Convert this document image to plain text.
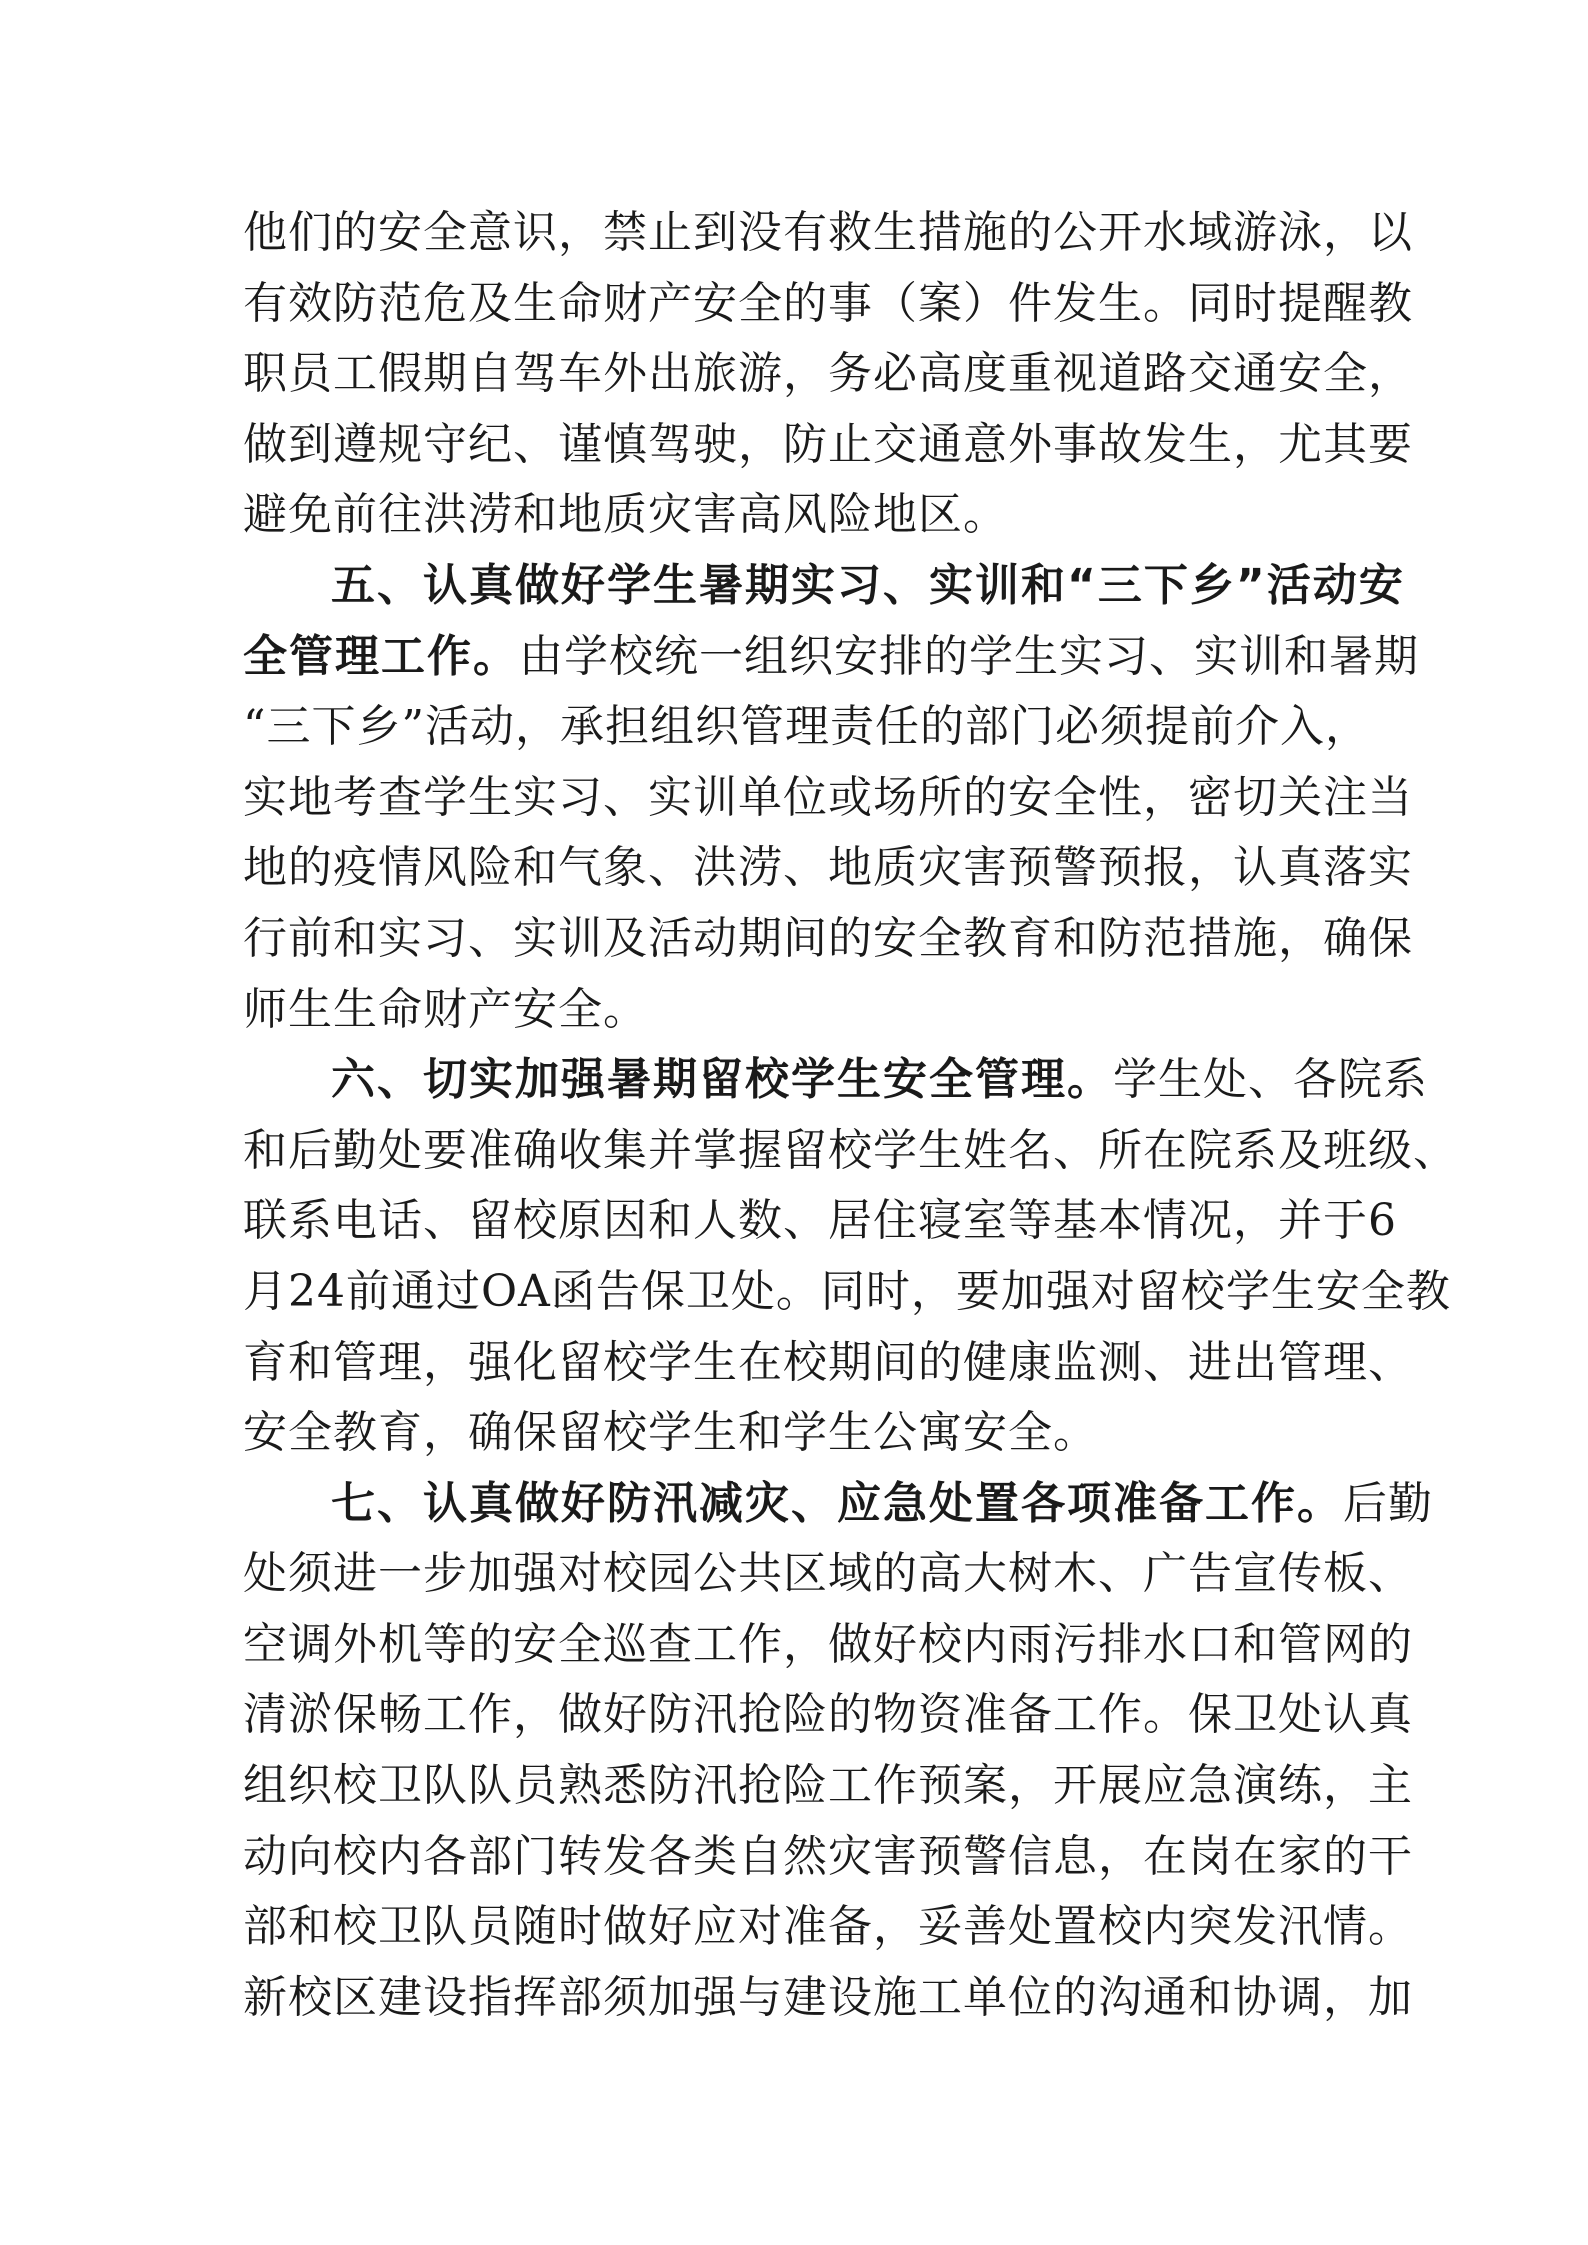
他们的安全意识，禁止到没有救生措施的公开水域游泳，以
有效防范危及生命财产安全的事（案）件发生。同时提醒教
职员工假期自驾车外出旅游，务必高度重视道路交通安全，
做到遵规守纪、谨慎驾驶，防止交通意外事故发生，尤其要
避免前往洪涝和地质灾害高风险地区。
五、认真做好学生暑期实习、实训和“三下乡”活动安
全管理工作。由学校统一组织安排的学生实习、实训和暑期
“三下乡”活动，承担组织管理责任的部门必须提前介入，
实地考查学生实习、实训单位或场所的安全性，密切关注当
地的疫情风险和气象、洪涝、地质灾害预警预报，认真落实
行前和实习、实训及活动期间的安全教育和防范措施，确保
师生生命财产安全。
六、切实加强暑期留校学生安全管理。学生处、各院系
和后勤处要准确收集并掌握留校学生姓名、所在院系及班级、
联系电话、留校原因和人数、居住寝室等基本情况，并于6
月24前通过OA函告保卫处。同时，要加强对留校学生安全教
育和管理，强化留校学生在校期间的健康监测、进出管理、
安全教育，确保留校学生和学生公寓安全。
七、认真做好防汛减灾、应急处置各项准备工作。后勤
处须进一步加强对校园公共区域的高大树木、广告宣传板、
空调外机等的安全巡查工作，做好校内雨污排水口和管网的
清淤保畅工作，做好防汛抢险的物资准备工作。保卫处认真
组织校卫队队员熟悉防汛抢险工作预案，开展应急演练，主
动向校内各部门转发各类自然灾害预警信息，在岗在家的干
部和校卫队员随时做好应对准备，妥善处置校内突发汛情。
新校区建设指挥部须加强与建设施工单位的沟通和协调，加
